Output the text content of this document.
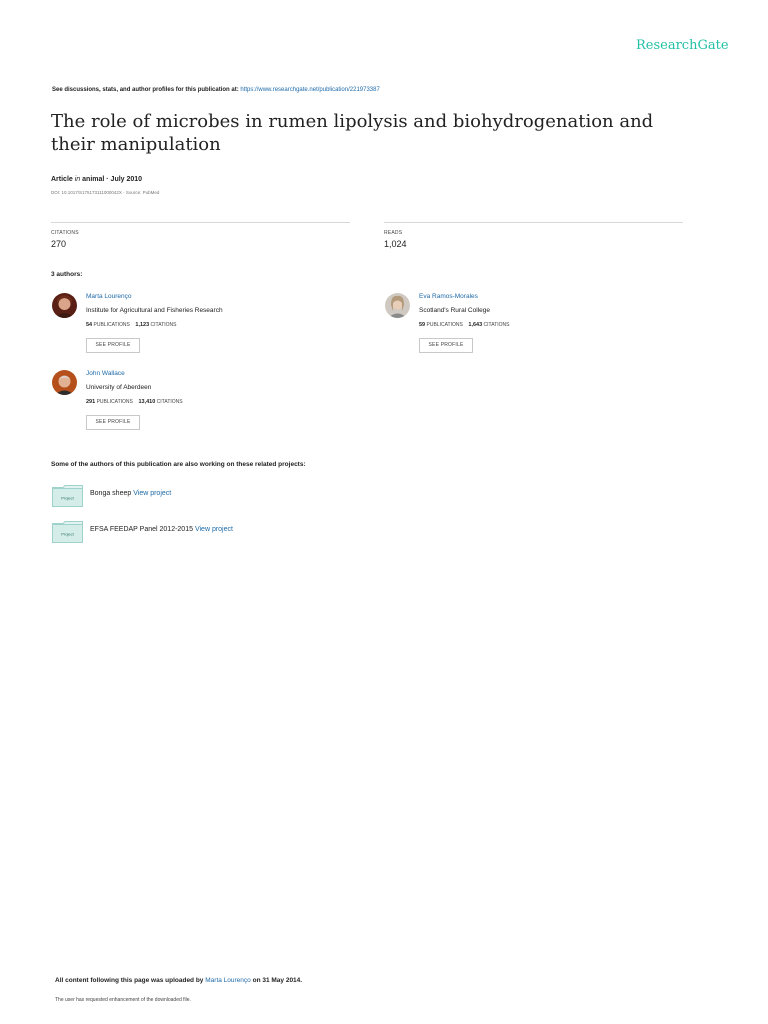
ResearchGate
See discussions, stats, and author profiles for this publication at: https://www.researchgate.net/publication/221973387
The role of microbes in rumen lipolysis and biohydrogenation and their manipulation
Article in animal · July 2010
DOI: 10.1017/S175173111000042X · Source: PubMed
CITATIONS
270
READS
1,024
3 authors:
Marta Lourenço
Institute for Agricultural and Fisheries Research
54 PUBLICATIONS 1,123 CITATIONS
SEE PROFILE
Eva Ramos-Morales
Scotland's Rural College
59 PUBLICATIONS 1,643 CITATIONS
SEE PROFILE
John Wallace
University of Aberdeen
291 PUBLICATIONS 13,410 CITATIONS
SEE PROFILE
Some of the authors of this publication are also working on these related projects:
Project
Bonga sheep View project
Project
EFSA FEEDAP Panel 2012-2015 View project
All content following this page was uploaded by Marta Lourenço on 31 May 2014.
The user has requested enhancement of the downloaded file.
